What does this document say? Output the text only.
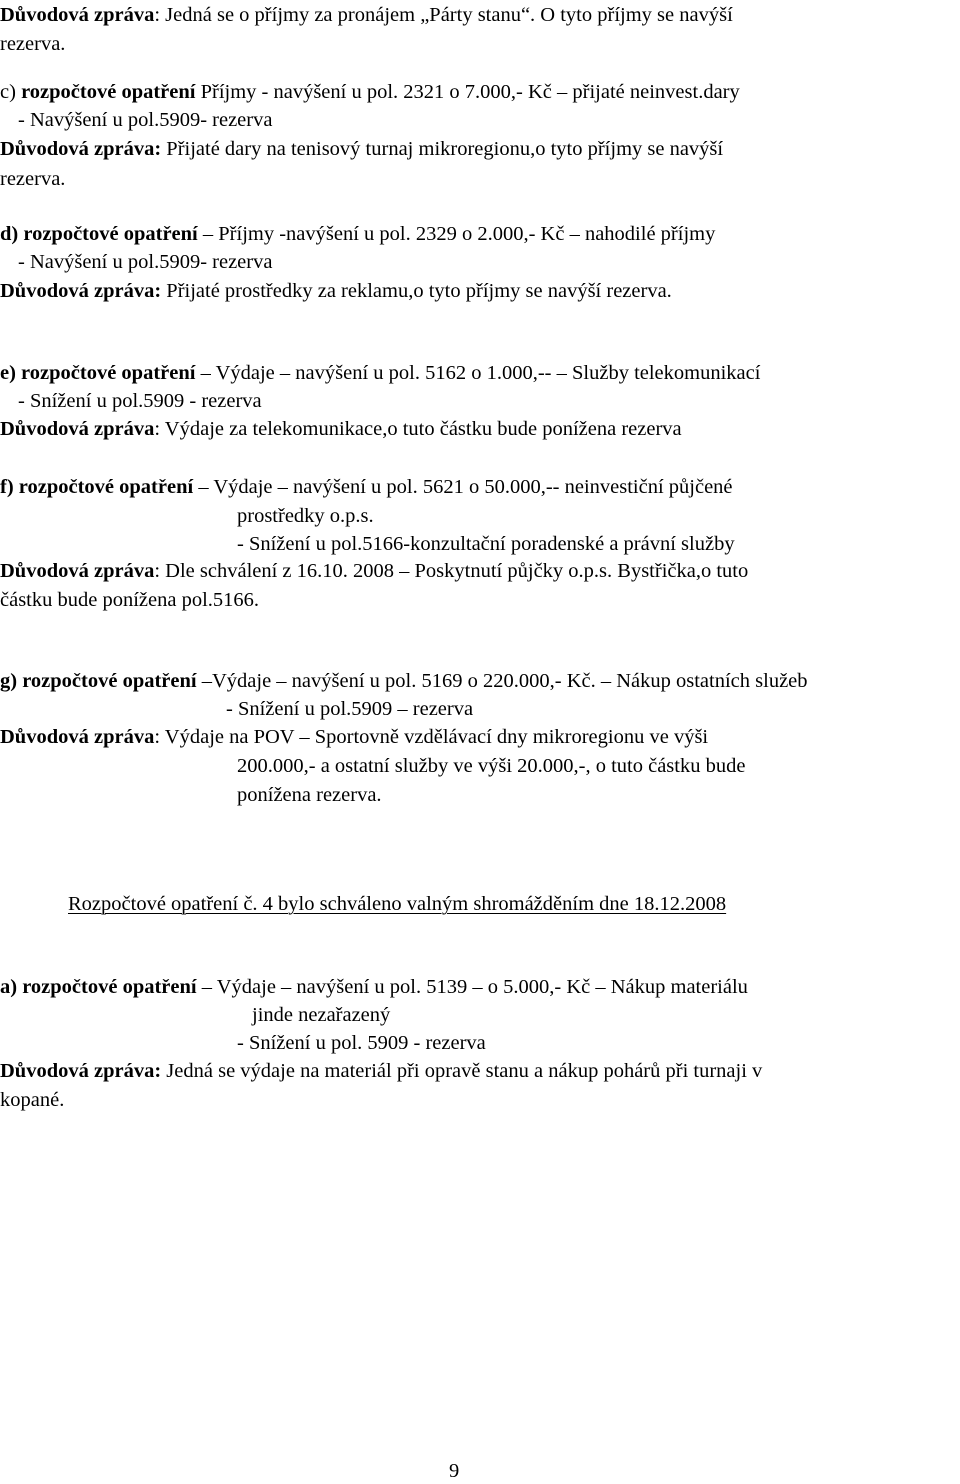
Důvodová zpráva: Jedná se o příjmy za pronájem „Párty stanu“. O tyto příjmy se navýší
rezerva.
c) rozpočtové opatření Příjmy - navýšení u pol. 2321 o 7.000,- Kč – přijaté neinvest.dary
- Navýšení u pol.5909- rezerva
Důvodová zpráva: Přijaté dary na tenisový turnaj mikroregionu,o tyto příjmy se navýší
rezerva.
d) rozpočtové opatření – Příjmy -navýšení u pol. 2329 o 2.000,- Kč – nahodilé příjmy
- Navýšení u pol.5909- rezerva
Důvodová zpráva: Přijaté prostředky za reklamu,o tyto příjmy se navýší rezerva.
e) rozpočtové opatření – Výdaje – navýšení u pol. 5162 o 1.000,-- – Služby telekomunikací
- Snížení u pol.5909 - rezerva
Důvodová zpráva: Výdaje za telekomunikace,o tuto částku bude ponížena rezerva
f) rozpočtové opatření – Výdaje – navýšení u pol. 5621 o 50.000,-- neinvestiční půjčené
prostředky o.p.s.
- Snížení u pol.5166-konzultační poradenské a právní služby
Důvodová zpráva: Dle schválení z 16.10. 2008 – Poskytnutí půjčky o.p.s. Bystřička,o tuto
částku bude ponížena pol.5166.
g) rozpočtové opatření –Výdaje – navýšení u pol. 5169 o 220.000,- Kč. – Nákup ostatních služeb
- Snížení u pol.5909 – rezerva
Důvodová zpráva: Výdaje na POV – Sportovně vzdělávací dny mikroregionu ve výši
200.000,- a ostatní služby ve výši 20.000,-, o tuto částku bude
ponížena rezerva.
Rozpočtové opatření č. 4 bylo schváleno valným shromážděním dne 18.12.2008
a) rozpočtové opatření – Výdaje – navýšení u pol. 5139 – o 5.000,- Kč – Nákup materiálu
jinde nezařazený
- Snížení u pol. 5909 - rezerva
Důvodová zpráva: Jedná se výdaje na materiál při opravě stanu a nákup pohárů při turnaji v
kopané.
9
